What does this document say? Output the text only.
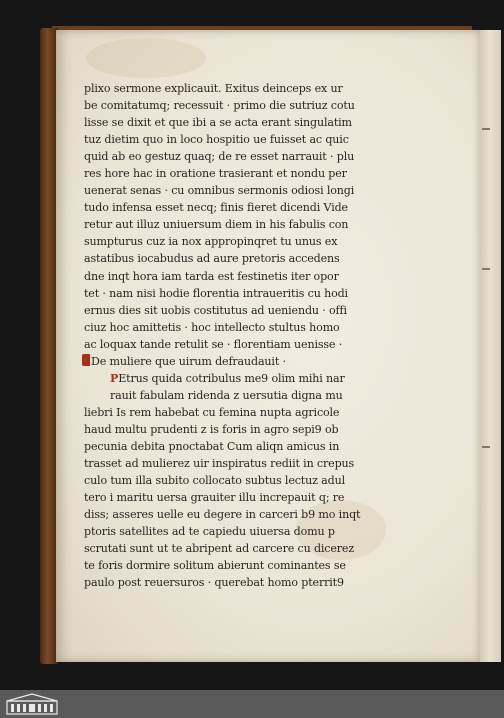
plixo sermone explicauit. Exitus deinceps ex ur
be comitatumq; recessuit · primo die sutriuz cotu
lisse se dixit et que ibi a se acta erant singulatim
tuz dietim quo in loco hospitio ue fuisset ac quic
quid ab eo gestuz quaq; de re esset narrauit · plu
res hore hac in oratione trasierant et nondu per
uenerat senas · cu omnibus sermonis odiosi longi
tudo infensa esset necq; finis fieret dicendi Vide
retur aut illuz uniuersum diem in his fabulis con
sumpturus cuz ia nox appropinqret tu unus ex
astatibus iocabudus ad aure pretoris accedens
dne inqt hora iam tarda est festinetis iter opor
tet · nam nisi hodie florentia intraueritis cu hodi
ernus dies sit uobis costitutus ad ueniendu · offi
ciuz hoc amittetis · hoc intellecto stultus homo
ac loquax tande retulit se · florentiam uenisse ·
De muliere que uirum defraudauit ·
PEtrus quida cotribulus me9 olim mihi nar
rauit fabulam ridenda z uersutia digna mu
liebri Is rem habebat cu femina nupta agricole
haud multu prudenti z is foris in agro sepi9 ob
pecunia debita pnoctabat Cum aliqn amicus in
trasset ad mulierez uir inspiratus rediit in crepus
culo tum illa subito collocato subtus lectuz adul
tero i maritu uersa grauiter illu increpauit q; re
diss; asseres uelle eu degere in carceri b9 mo inqt
ptoris satellites ad te capiedu uiuersa domu p
scrutati sunt ut te abripent ad carcere cu dicerez
te foris dormire solitum abierunt cominantes se
paulo post reuersuros · querebat homo pterrit9
